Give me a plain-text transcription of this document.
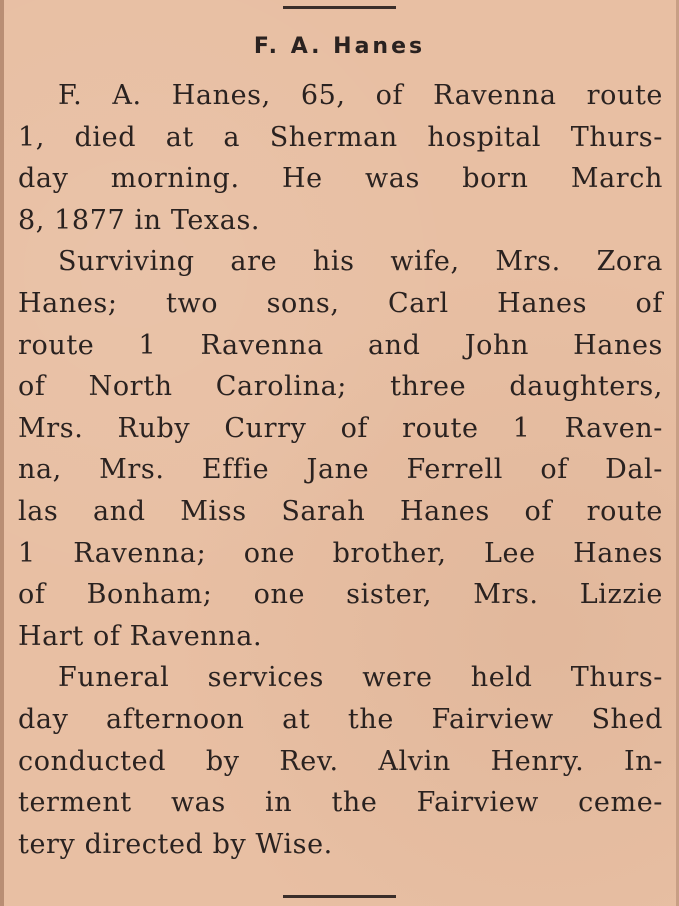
F. A. Hanes
F. A. Hanes, 65, of Ravenna route
1, died at a Sherman hospital Thurs-
day morning. He was born March
8, 1877 in Texas.
Surviving are his wife, Mrs. Zora
Hanes; two sons, Carl Hanes of
route 1 Ravenna and John Hanes
of North Carolina; three daughters,
Mrs. Ruby Curry of route 1 Raven-
na, Mrs. Effie Jane Ferrell of Dal-
las and Miss Sarah Hanes of route
1 Ravenna; one brother, Lee Hanes
of Bonham; one sister, Mrs. Lizzie
Hart of Ravenna.
Funeral services were held Thurs-
day afternoon at the Fairview Shed
conducted by Rev. Alvin Henry. In-
terment was in the Fairview ceme-
tery directed by Wise.
